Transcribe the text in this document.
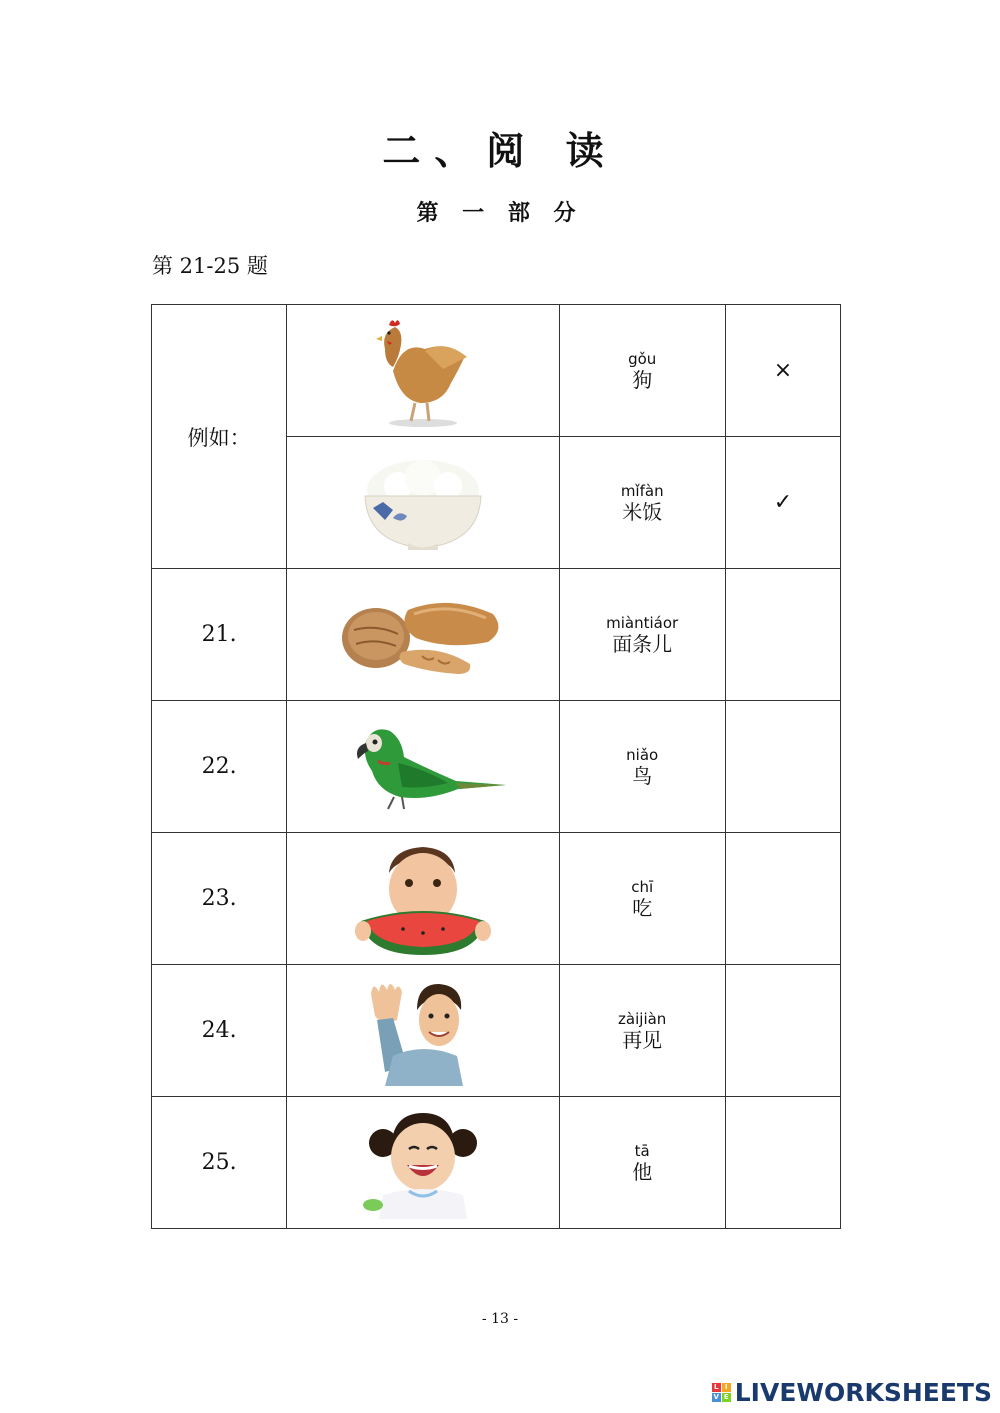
二、阅 读
第 一 部 分
第 21-25 题
例如：		gǒu
狗	×

mǐfàn
米饭	✓
21.		miàntiáor
面条儿	

22.		niǎo
鸟	

23.		chī
吃	

24.		zàijiàn
再见	

25.		tā
他	

- 13 -
L I
V E LIVEWORKSHEETS
